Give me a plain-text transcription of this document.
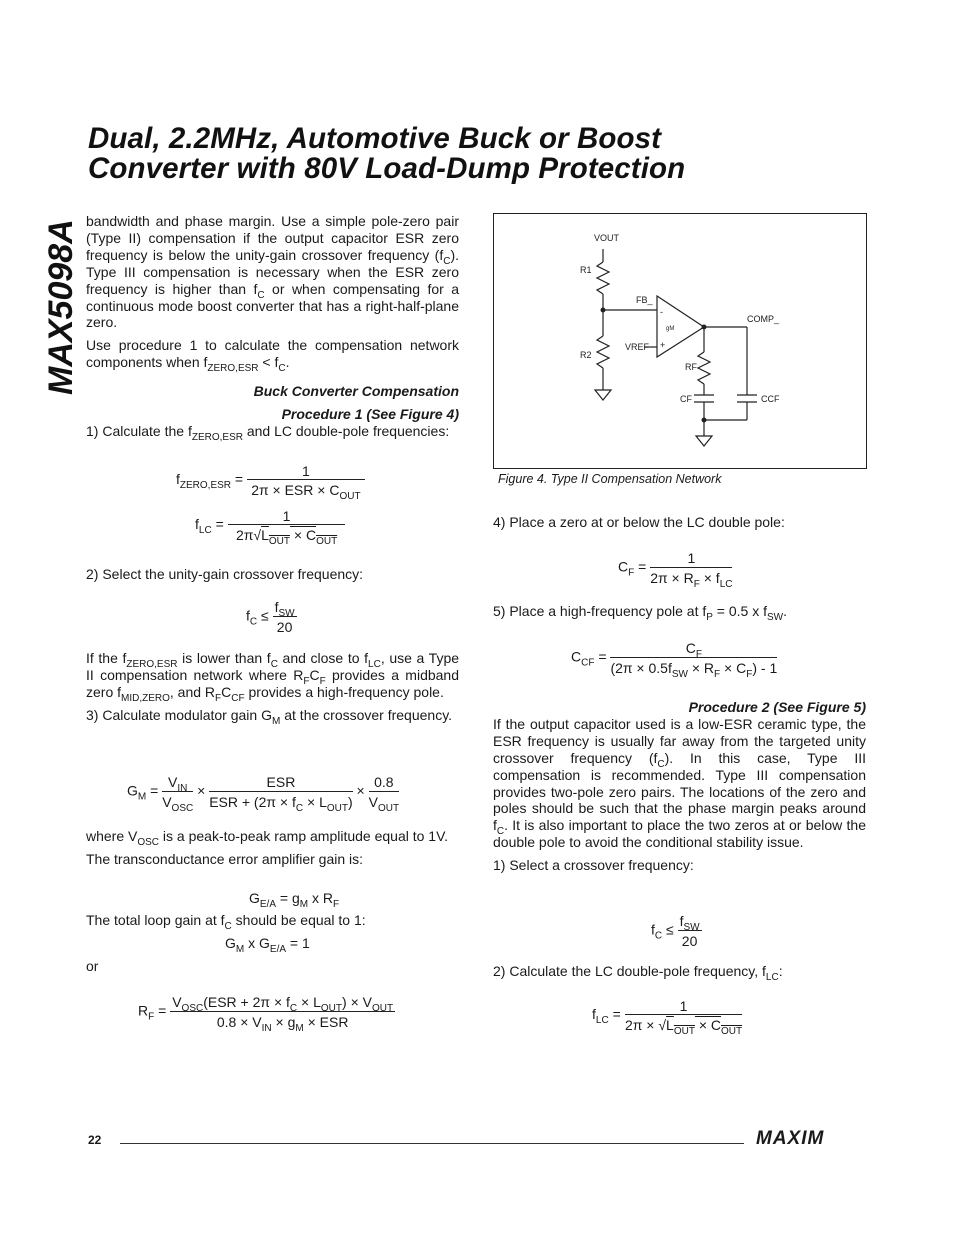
Dual, 2.2MHz, Automotive Buck or Boost
Converter with 80V Load-Dump Protection
MAX5098A bandwidth and phase margin. Use a simple pole-zero pair (Type II) compensation if the output capacitor ESR zero frequency is below the unity-gain crossover frequency $(f_C)$. Type III compensation is necessary when the ESR zero frequency is higher than $f_C$ or when compensating for a continuous mode boost converter that has a right-half-plane zero.

Use procedure 1 to calculate the compensation network components when $f_{ZERO,ESR} < f_C$.

Buck Converter Compensation

Procedure 1 (See Figure 4)

1) Calculate the $f_{ZERO,ESR}$ and LC double-pole frequencies:

$f_{ZERO,ESR} = \frac{1}{2\pi \times ESR \times C_{OUT}}$
$f_{LC} = \frac{1}{2\pi√L_{OUT} \times C_{OUT}}$

2) Select the unity-gain crossover frequency:

$f_C \le \frac{f_{SW}}{20}$

If the $f_{ZERO,ESR}$ is lower than $f_C$ and close to $f_{LC}$, use a Type II compensation network where $R_FC_F$ provides a midband zero $f_{MID,ZERO}$, and $R_FC_{CF}$ provides a high-frequency pole.

3) Calculate modulator gain $G_M$ at the crossover frequency.

$G_M = \frac{V_{IN}}{V_{OSC}} \times \frac{\text{ESR}}{ESR + (2\pi \times f_C \times L_{OUT})} \times \frac{0.8}{V_{OUT}}$

where $V_{OSC}$ is a peak-to-peak ramp amplitude equal to 1V.

The transconductance error amplifier gain is:

$G_{E/A} = g_M$ x $R_F$

The total loop gain at $f_C$ should be equal to 1:

$G_M$ x $G_{E/A} = 1$
or
$R_F = \frac{V_{OSC}(ESR + 2\pi \times f_C \times L_{OUT}) \times V_{OUT}}{0.8 \times V_{IN} \times g_M \times ESR}$
VOUT
R1
R2
FB_
VREF
gM
-
+
COMP_
RF
CF	CCF
Figure 4. Type II Compensation Network

4) Place a zero at or below the LC double pole:

$C_F = \frac{1}{2\pi \times R_F \times f_{LC}}$

5) Place a high-frequency pole at $f_P = 0.5$ x $f_{SW}$.

$C_{CF} = \frac{C_F}{(2\pi \times 0.5f_{SW} \times R_F \times C_F) - 1}$

Procedure 2 (See Figure 5)

If the output capacitor used is a low-ESR ceramic type, the ESR frequency is usually far away from the targeted unity crossover frequency $(f_C)$. In this case, Type III compensation is recommended. Type III compensation provides two-pole zero pairs. The locations of the zero and poles should be such that the phase margin peaks around $f_C$. It is also important to place the two zeros at or below the double pole to avoid the conditional stability issue.

1) Select a crossover frequency:

$f_C \le \frac{f_{SW}}{20}$

2) Calculate the LC double-pole frequency, $f_{LC}$:

$f_{LC} = \frac{1}{2\pi \times √L_{OUT} \times C_{OUT}}$
22	MAXIM
